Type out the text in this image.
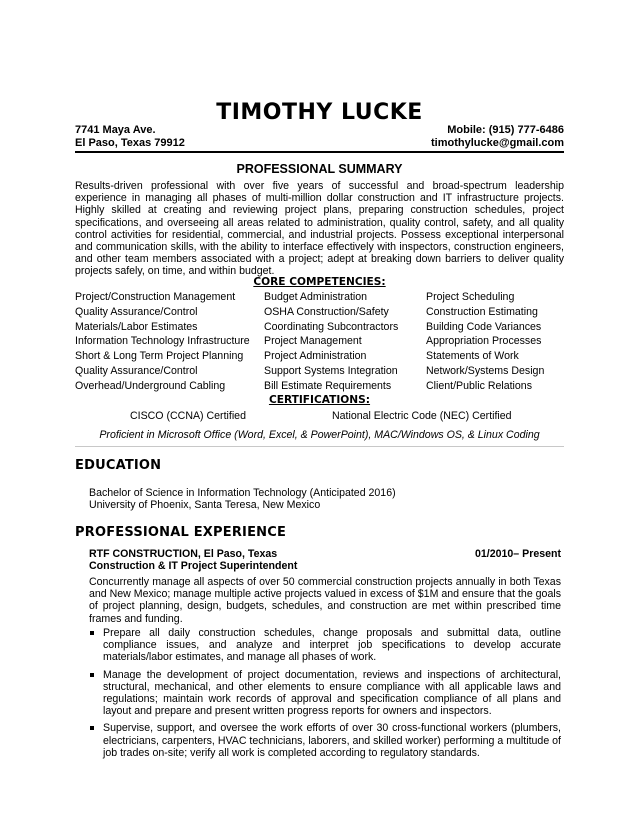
TIMOTHY LUCKE
7741 Maya Ave.
El Paso, Texas 79912
Mobile: (915) 777-6486
timothylucke@gmail.com
PROFESSIONAL SUMMARY
Results-driven professional with over five years of successful and broad-spectrum leadership experience in managing all phases of multi-million dollar construction and IT infrastructure projects. Highly skilled at creating and reviewing project plans, preparing construction schedules, project specifications, and overseeing all areas related to administration, quality control, safety, and all quality control activities for residential, commercial, and industrial projects. Possess exceptional interpersonal and communication skills, with the ability to interface effectively with inspectors, construction engineers, and other team members associated with a project; adept at breaking down barriers to deliver quality projects safely, on time, and within budget.
CORE COMPETENCIES:
Project/Construction Management
Quality Assurance/Control
Materials/Labor Estimates
Information Technology Infrastructure
Short & Long Term Project Planning
Quality Assurance/Control
Overhead/Underground Cabling
Budget Administration
OSHA Construction/Safety
Coordinating Subcontractors
Project Management
Project Administration
Support Systems Integration
Bill Estimate Requirements
Project Scheduling
Construction Estimating
Building Code Variances
Appropriation Processes
Statements of Work
Network/Systems Design
Client/Public Relations
CERTIFICATIONS:
CISCO (CCNA) Certified	National Electric Code (NEC) Certified
Proficient in Microsoft Office (Word, Excel, & PowerPoint), MAC/Windows OS, & Linux Coding
EDUCATION
Bachelor of Science in Information Technology (Anticipated 2016)
University of Phoenix, Santa Teresa, New Mexico
PROFESSIONAL EXPERIENCE
RTF CONSTRUCTION, El Paso, Texas
Construction & IT Project Superintendent
01/2010– Present
Concurrently manage all aspects of over 50 commercial construction projects annually in both Texas and New Mexico; manage multiple active projects valued in excess of $1M and ensure that the goals of project planning, design, budgets, schedules, and construction are met within prescribed time frames and funding.
Prepare all daily construction schedules, change proposals and submittal data, outline compliance issues, and analyze and interpret job specifications to develop accurate materials/labor estimates, and manage all phases of work.
Manage the development of project documentation, reviews and inspections of architectural, structural, mechanical, and other elements to ensure compliance with all applicable laws and regulations; maintain work records of approval and specification compliance of all plans and layout and prepare and present written progress reports for owners and inspectors.
Supervise, support, and oversee the work efforts of over 30 cross-functional workers (plumbers, electricians, carpenters, HVAC technicians, laborers, and skilled worker) performing a multitude of job trades on-site; verify all work is completed according to regulatory standards.
